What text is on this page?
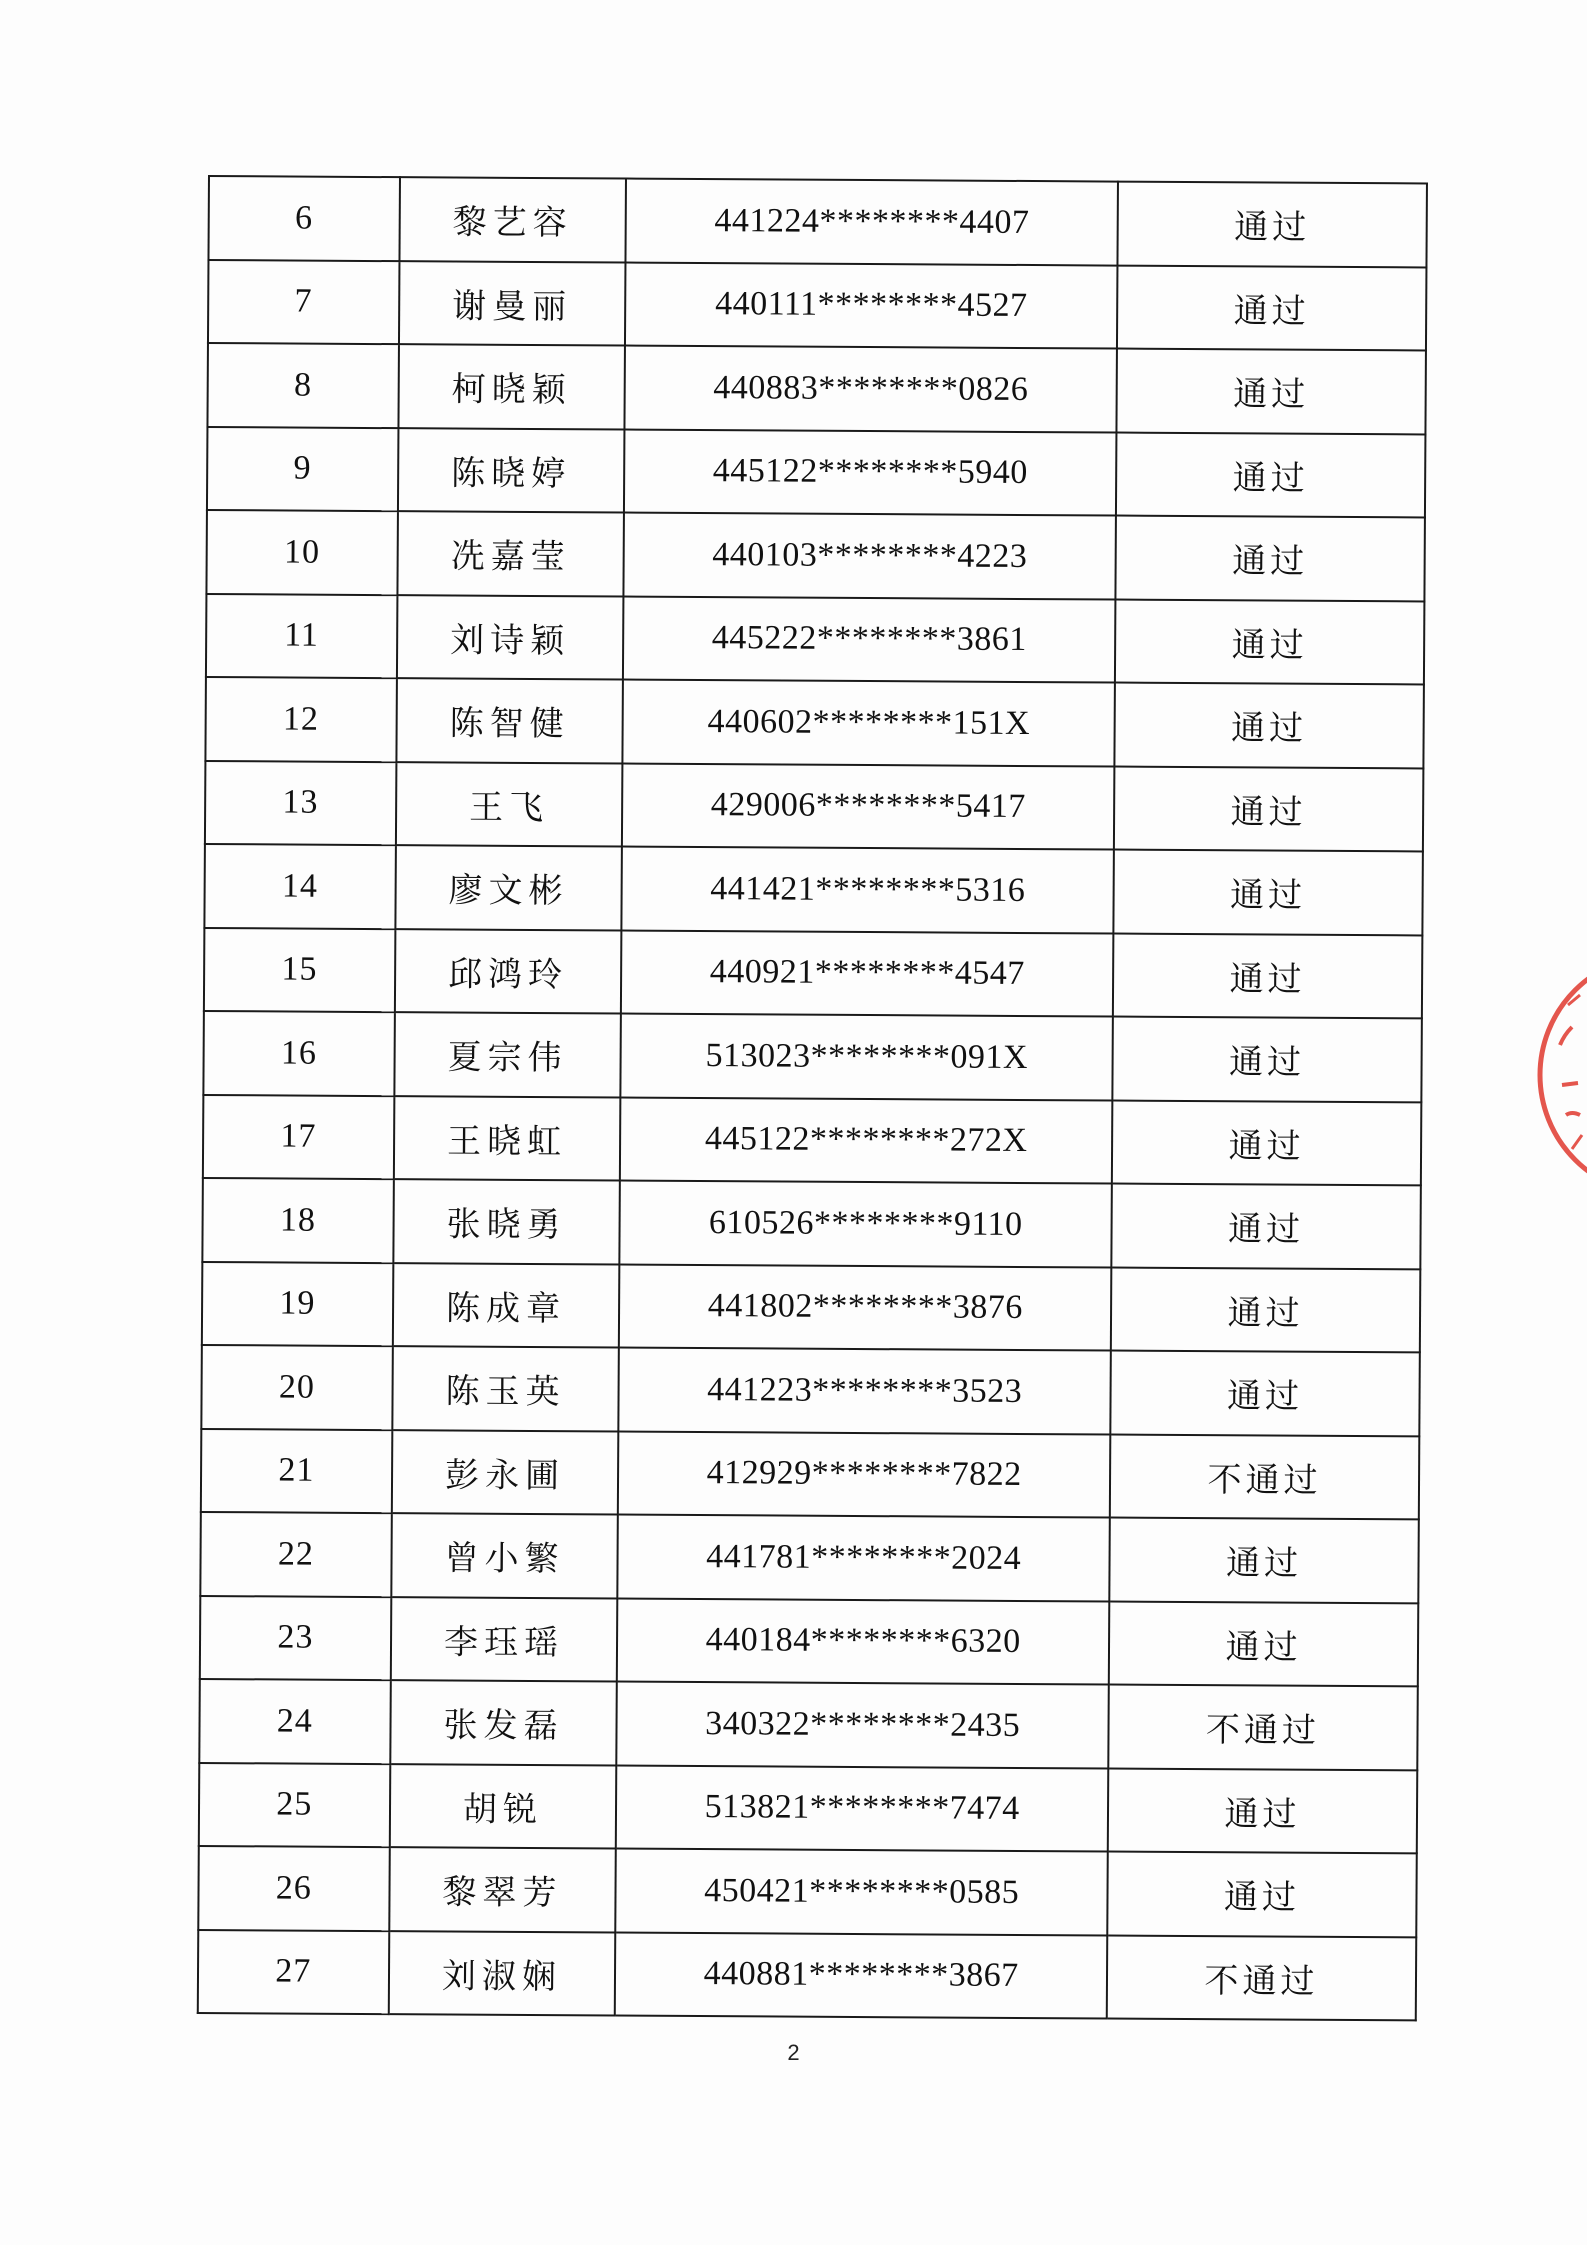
6	黎艺容	441224********4407	通过
7	谢曼丽	440111********4527	通过
8	柯晓颖	440883********0826	通过
9	陈晓婷	445122********5940	通过
10	冼嘉莹	440103********4223	通过
11	刘诗颖	445222********3861	通过
12	陈智健	440602********151X	通过
13	王飞	429006********5417	通过
14	廖文彬	441421********5316	通过
15	邱鸿玲	440921********4547	通过
16	夏宗伟	513023********091X	通过
17	王晓虹	445122********272X	通过
18	张晓勇	610526********9110	通过
19	陈成章	441802********3876	通过
20	陈玉英	441223********3523	通过
21	彭永圃	412929********7822	不通过
22	曾小繁	441781********2024	通过
23	李珏瑶	440184********6320	通过
24	张发磊	340322********2435	不通过
25	胡锐	513821********7474	通过
26	黎翠芳	450421********0585	通过
27	刘淑娴	440881********3867	不通过
2
